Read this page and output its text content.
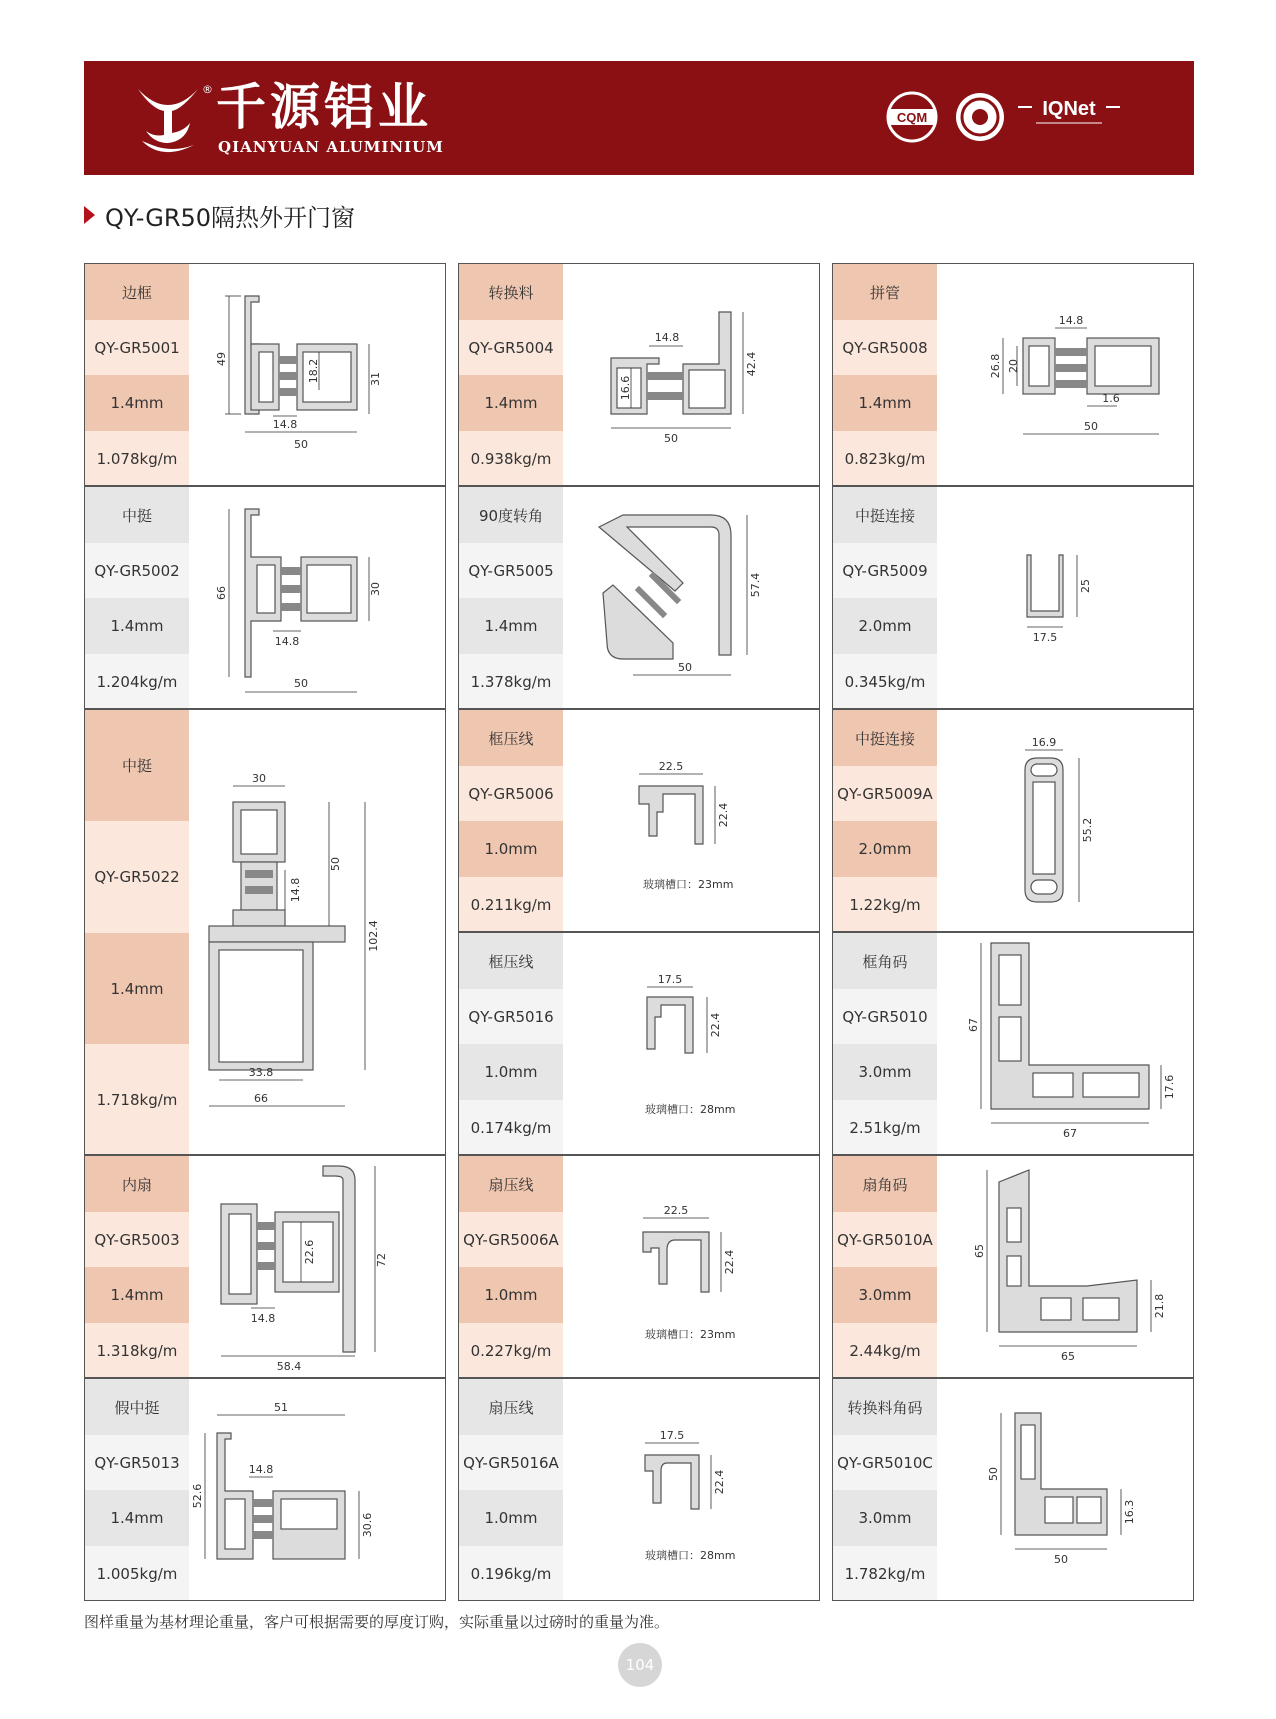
® 千源铝业
QIANYUAN ALUMINIUM
CQM	IQNet
QY-GR50隔热外开门窗
边框
QY-GR5001
1.4mm
1.078kg/m
49	18.2	31
14.8
50
中挺
QY-GR5002
1.4mm
1.204kg/m
66	30
14.8
50
中挺
QY-GR5022
1.4mm
1.718kg/m
30
50
14.8
102.4
33.8
66
内扇
QY-GR5003
1.4mm
1.318kg/m
22.6	72
14.8
58.4
假中挺
QY-GR5013
1.4mm
1.005kg/m
51
14.8
52.6
30.6
转换料
QY-GR5004
1.4mm
0.938kg/m
14.8
42.4
16.6
50
90度转角
QY-GR5005
1.4mm
1.378kg/m
57.4
50
框压线
QY-GR5006
1.0mm
0.211kg/m
22.5
22.4
玻璃槽口：23mm
框压线
QY-GR5016
1.0mm
0.174kg/m
17.5
22.4
玻璃槽口：28mm
扇压线
QY-GR5006A
1.0mm
0.227kg/m
22.5
22.4
玻璃槽口：23mm
扇压线
QY-GR5016A
1.0mm
0.196kg/m
17.5
22.4
玻璃槽口：28mm
拼管
QY-GR5008
1.4mm
0.823kg/m
14.8
26.8 20
1.6
50
中挺连接
QY-GR5009
2.0mm
0.345kg/m
25
17.5
中挺连接
QY-GR5009A
2.0mm
1.22kg/m
16.9
55.2
框角码
QY-GR5010
3.0mm
2.51kg/m
67
17.6
67
扇角码
QY-GR5010A
3.0mm
2.44kg/m
65
21.8
65
转换料角码
QY-GR5010C
3.0mm
1.782kg/m
50
16.3
50
图样重量为基材理论重量，客户可根据需要的厚度订购，实际重量以过磅时的重量为准。
104
